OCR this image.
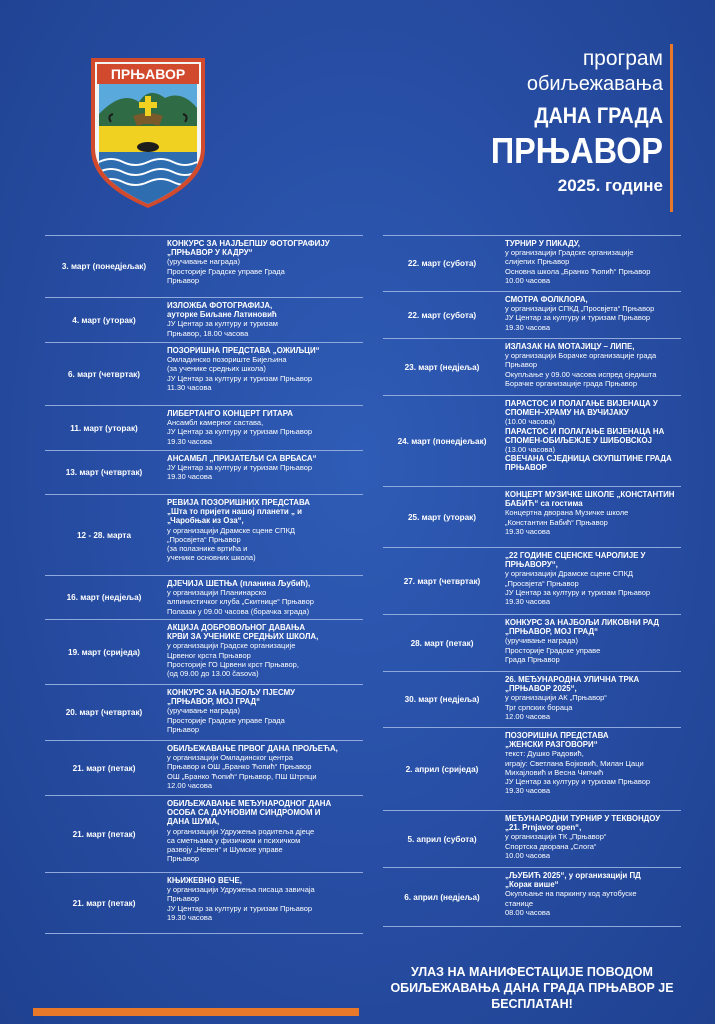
ПРЊАВОР
програм
обиљежавања
ДАНА ГРАДА
ПРЊАВОР
2025. године
3. март (понедјељак)
КОНКУРС ЗА НАЈЉЕПШУ ФОТОГРАФИЈУ
„ПРЊАВОР У КАДРУ“
(уручивање награда)
Просторије Градске управе Града
Прњавор
4. март (уторак)
ИЗЛОЖБА ФОТОГРАФИЈА,
аутoрке Биљане Латиновић
ЈУ Центар за културу и туризам
Прњавор, 18.00 часова
6. март (четвртак)
ПОЗОРИШНА ПРЕДСТАВА „ОЖИЉЦИ“
Омладинско позориште Бијељина
(за ученике средњих школа)
ЈУ Центар за културу и туризам Прњавор
11.30 часова
11. март (уторак)
ЛИБЕРТАНГО КОНЦЕРТ ГИТАРА
Ансамбл камерног састава,
ЈУ Центар за културу и туризам Прњавор
19.30 часова
13. март (четвртак)
АНСАМБЛ „ПРИЈАТЕЉИ СА ВРБАСА“
ЈУ Центар за културу и туризам Прњавор
19.30 часова
12 - 28. марта
РЕВИЈА ПОЗОРИШНИХ ПРЕДСТАВА
„Шта то пријети нашој планети „ и
„Чаробњак из Оза“,
у организацији Драмске сцене СПКД
„Просвјета“ Прњавор
(за полазнике вртића и
ученике основних школа)
16. март (недјеља)
ДЈЕЧИЈА ШЕТЊА (планина Љубић),
у организацији Планинарско
алпинистичког клуба „Скитнице“ Прњавор
Полазак у 09.00 часова (борачка зграда)
19. март (сриједа)
АКЦИЈА ДОБРОВОЉНОГ ДАВАЊА
КРВИ ЗА УЧЕНИКЕ СРЕДЊИХ ШКОЛА,
у организацији Градске организације
Црвеног крста Прњавор
Просторије ГО Црвени крст Прњавор,
(од 09.00 до 13.00 časova)
20. март (четвртак)
КОНКУРС ЗА НАЈБОЉУ ПЈЕСМУ
„ПРЊАВОР, МОЈ ГРАД“
(уручивање награда)
Просторије Градске управе Града
Прњавор
21. март (петак)
ОБИЉЕЖАВАЊЕ ПРВОГ ДАНА ПРОЉЕЋА,
у организацији Омладинског центра
Прњавор и ОШ „Бранко Ћопић“ Прњавор
ОШ „Бранко Ћопић“ Прњавор, ПШ Штрпци
12.00 часова
21. март (петак)
ОБИЉЕЖАВАЊЕ МЕЂУНАРОДНОГ ДАНА
ОСОБА СА ДАУНОВИМ СИНДРОМОМ И
ДАНА ШУМА,
у организацији Удружења родитеља дјеце
са сметњама у физичком и психичком
развоју „Невен“ и Шумске управе
Прњавор
21. март (петак)
КЊИЖЕВНО ВЕЧЕ,
у организацији Удружења писаца завичаја
Прњавор
ЈУ Центар за културу и туризам Прњавор
19.30 часова
22. март (субота)
ТУРНИР У ПИКАДУ,
у организацији Градске организације
слијепих Прњавор
Основна школа „Бранко Ћопић“ Прњавор
10.00 часова
22. март (субота)
СМОТРА ФОЛКЛОРА,
у организацији СПКД „Просвјета“ Прњавор
ЈУ Центар за културу и туризам Прњавор
19.30 часова
23. март (недјеља)
ИЗЛАЗАК НА МОТАЈИЦУ – ЛИПЕ,
у организацији Борачке организације града
Прњавор
Окупљање у 09.00 часова испред сједишта
Борачке организације града Прњавор
24. март (понедјељак)
ПАРАСТОС И ПОЛАГАЊЕ ВИЈЕНАЦА У
СПОМЕН–ХРАМУ НА ВУЧИЈАКУ
(10.00 часова)
ПАРАСТОС И ПОЛАГАЊЕ ВИЈЕНАЦА НА
СПОМЕН-ОБИЉЕЖЈЕ У ШИБОВСКОЈ
(13.00 часова)
СВЕЧАНА СЈЕДНИЦА СКУПШТИНЕ ГРАДА
ПРЊАВОР
25. март (уторак)
КОНЦЕРТ МУЗИЧКЕ ШКОЛЕ „КОНСТАНТИН
БАБИЋ“ са гостима
Концертна дворана Музичке школе
„Константин Бабић“ Прњавор
19.30 часова
27. март (четвртак)
„22 ГОДИНЕ СЦЕНСКЕ ЧАРОЛИЈЕ У
ПРЊАВОРУ“,
у организацији Драмске сцене СПКД
„Просвјета“ Прњавор
ЈУ Центар за културу и туризам Прњавор
19.30 часова
28. март (петак)
КОНКУРС ЗА НАЈБОЉИ ЛИКОВНИ РАД
„ПРЊАВОР, МОЈ ГРАД“
(уручивање награда)
Просторије Градске управе
Града Прњавор
30. март (недјеља)
26. МЕЂУНАРОДНА УЛИЧНА ТРКА
„ПРЊАВОР 2025“,
у организацији АК „Прњавор“
Трг српских бораца
12.00 часова
2. април (сриједа)
ПОЗОРИШНА ПРЕДСТАВА
„ЖЕНСКИ РАЗГОВОРИ“
текст: Душко Радовић,
играју: Светлана Бојковић, Милан Цаци
Михајловић и Весна Чипчић
ЈУ Центар за културу и туризам Прњавор
19.30 часова
5. април (субота)
МЕЂУНАРОДНИ ТУРНИР У ТЕКВОНДОУ
„21. Prnjavor open“,
у организацији ТК „Прњавор“
Спортска дворана „Слога“
10.00 часова
6. април (недјеља)
„ЉУБИЋ 2025“, у организацији ПД
„Корак више“
Окупљање на паркингу код аутобуске
станице
08.00 часова
УЛАЗ НА МАНИФЕСТАЦИЈЕ ПОВОДОМ
ОБИЉЕЖАВАЊА ДАНА ГРАДА ПРЊАВОР ЈЕ
БЕСПЛАТАН!
